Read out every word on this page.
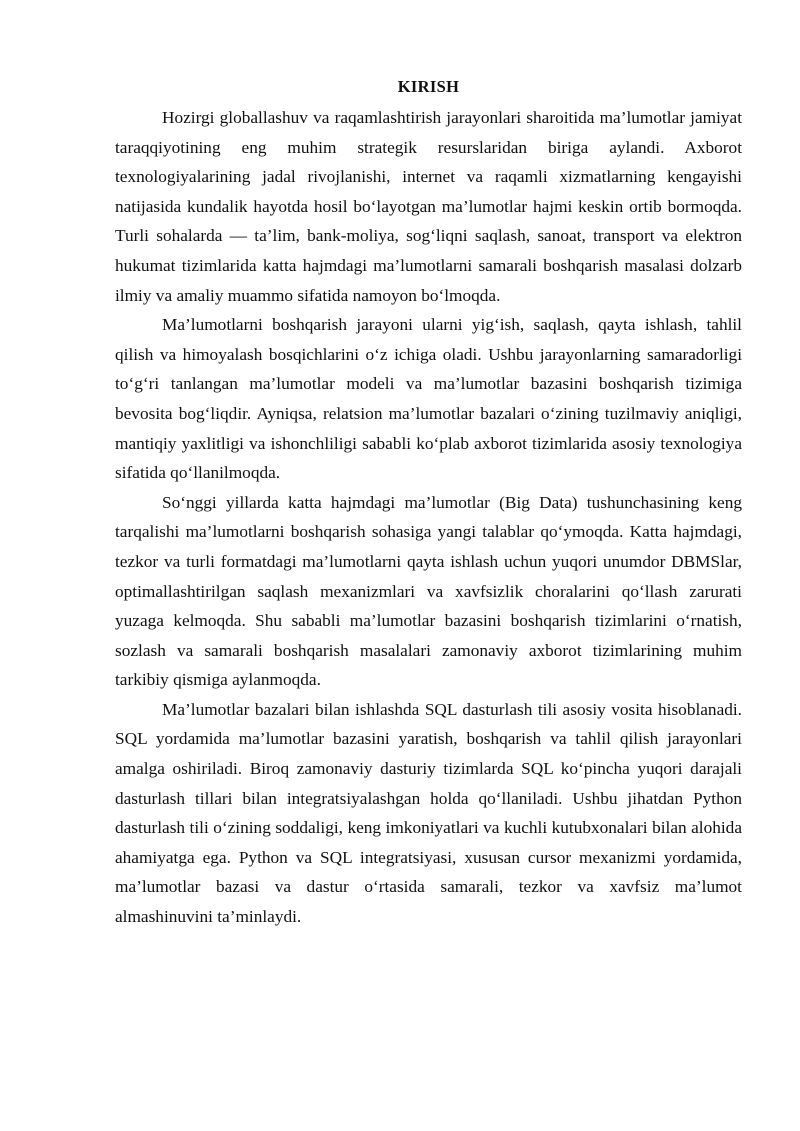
KIRISH

Hozirgi globallashuv va raqamlashtirish jarayonlari sharoitida ma’lumotlar jamiyat taraqqiyotining eng muhim strategik resurslaridan biriga aylandi. Axborot texnologiyalarining jadal rivojlanishi, internet va raqamli xizmatlarning kengayishi natijasida kundalik hayotda hosil bo‘layotgan ma’lumotlar hajmi keskin ortib bormoqda. Turli sohalarda — ta’lim, bank-moliya, sog‘liqni saqlash, sanoat, transport va elektron hukumat tizimlarida katta hajmdagi ma’lumotlarni samarali boshqarish masalasi dolzarb ilmiy va amaliy muammo sifatida namoyon bo‘lmoqda.

Ma’lumotlarni boshqarish jarayoni ularni yig‘ish, saqlash, qayta ishlash, tahlil qilish va himoyalash bosqichlarini o‘z ichiga oladi. Ushbu jarayonlarning samaradorligi to‘g‘ri tanlangan ma’lumotlar modeli va ma’lumotlar bazasini boshqarish tizimiga bevosita bog‘liqdir. Ayniqsa, relatsion ma’lumotlar bazalari o‘zining tuzilmaviy aniqligi, mantiqiy yaxlitligi va ishonchliligi sababli ko‘plab axborot tizimlarida asosiy texnologiya sifatida qo‘llanilmoqda.

So‘nggi yillarda katta hajmdagi ma’lumotlar (Big Data) tushunchasining keng tarqalishi ma’lumotlarni boshqarish sohasiga yangi talablar qo‘ymoqda. Katta hajmdagi, tezkor va turli formatdagi ma’lumotlarni qayta ishlash uchun yuqori unumdor DBMSlar, optimallashtirilgan saqlash mexanizmlari va xavfsizlik choralarini qo‘llash zarurati yuzaga kelmoqda. Shu sababli ma’lumotlar bazasini boshqarish tizimlarini o‘rnatish, sozlash va samarali boshqarish masalalari zamonaviy axborot tizimlarining muhim tarkibiy qismiga aylanmoqda.

Ma’lumotlar bazalari bilan ishlashda SQL dasturlash tili asosiy vosita hisoblanadi. SQL yordamida ma’lumotlar bazasini yaratish, boshqarish va tahlil qilish jarayonlari amalga oshiriladi. Biroq zamonaviy dasturiy tizimlarda SQL ko‘pincha yuqori darajali dasturlash tillari bilan integratsiyalashgan holda qo‘llaniladi. Ushbu jihatdan Python dasturlash tili o‘zining soddaligi, keng imkoniyatlari va kuchli kutubxonalari bilan alohida ahamiyatga ega. Python va SQL integratsiyasi, xususan cursor mexanizmi yordamida, ma’lumotlar bazasi va dastur o‘rtasida samarali, tezkor va xavfsiz ma’lumot almashinuvini ta’minlaydi.
